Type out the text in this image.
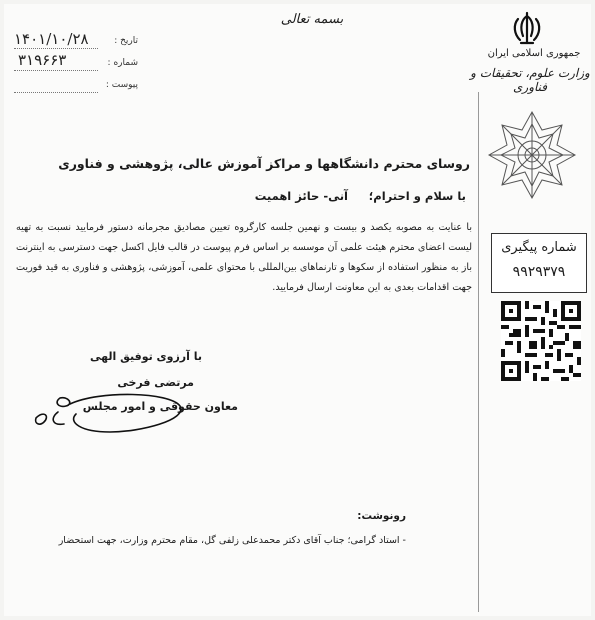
جمهوری اسلامی ایران
وزارت علوم، تحقیقات و فناوری
بسمه تعالی
۱۴۰۱/۱۰/۲۸	تاریخ :
۳۱۹۶۶۳	شماره :
پیوست :
شماره پیگیری
۹۹۲۹۳۷۹
روسای محترم دانشگاهها و مراکز آموزش عالی، پژوهشی و فناوری
با سلام و احترام؛
آنی- حائز اهمیت
با عنایت به مصوبه یکصد و بیست و نهمین جلسه کارگروه تعیین مصادیق مجرمانه دستور فرمایید نسبت به تهیه لیست اعضای محترم هیئت علمی آن موسسه بر اساس فرم پیوست در قالب فایل اکسل جهت دسترسی به اینترنت باز به منظور استفاده از سکوها و تارنماهای بین‌المللی با محتوای علمی، آموزشی، پژوهشی و فناوری به قید فوریت جهت اقدامات بعدی به این معاونت ارسال فرمایید.
با آرزوی توفیق الهی
مرتضی فرخی
معاون حقوقی و امور مجلس
رونوشت:
- استاد گرامی؛ جناب آقای دکتر محمدعلی زلفی گل، مقام محترم وزارت، جهت استحضار
